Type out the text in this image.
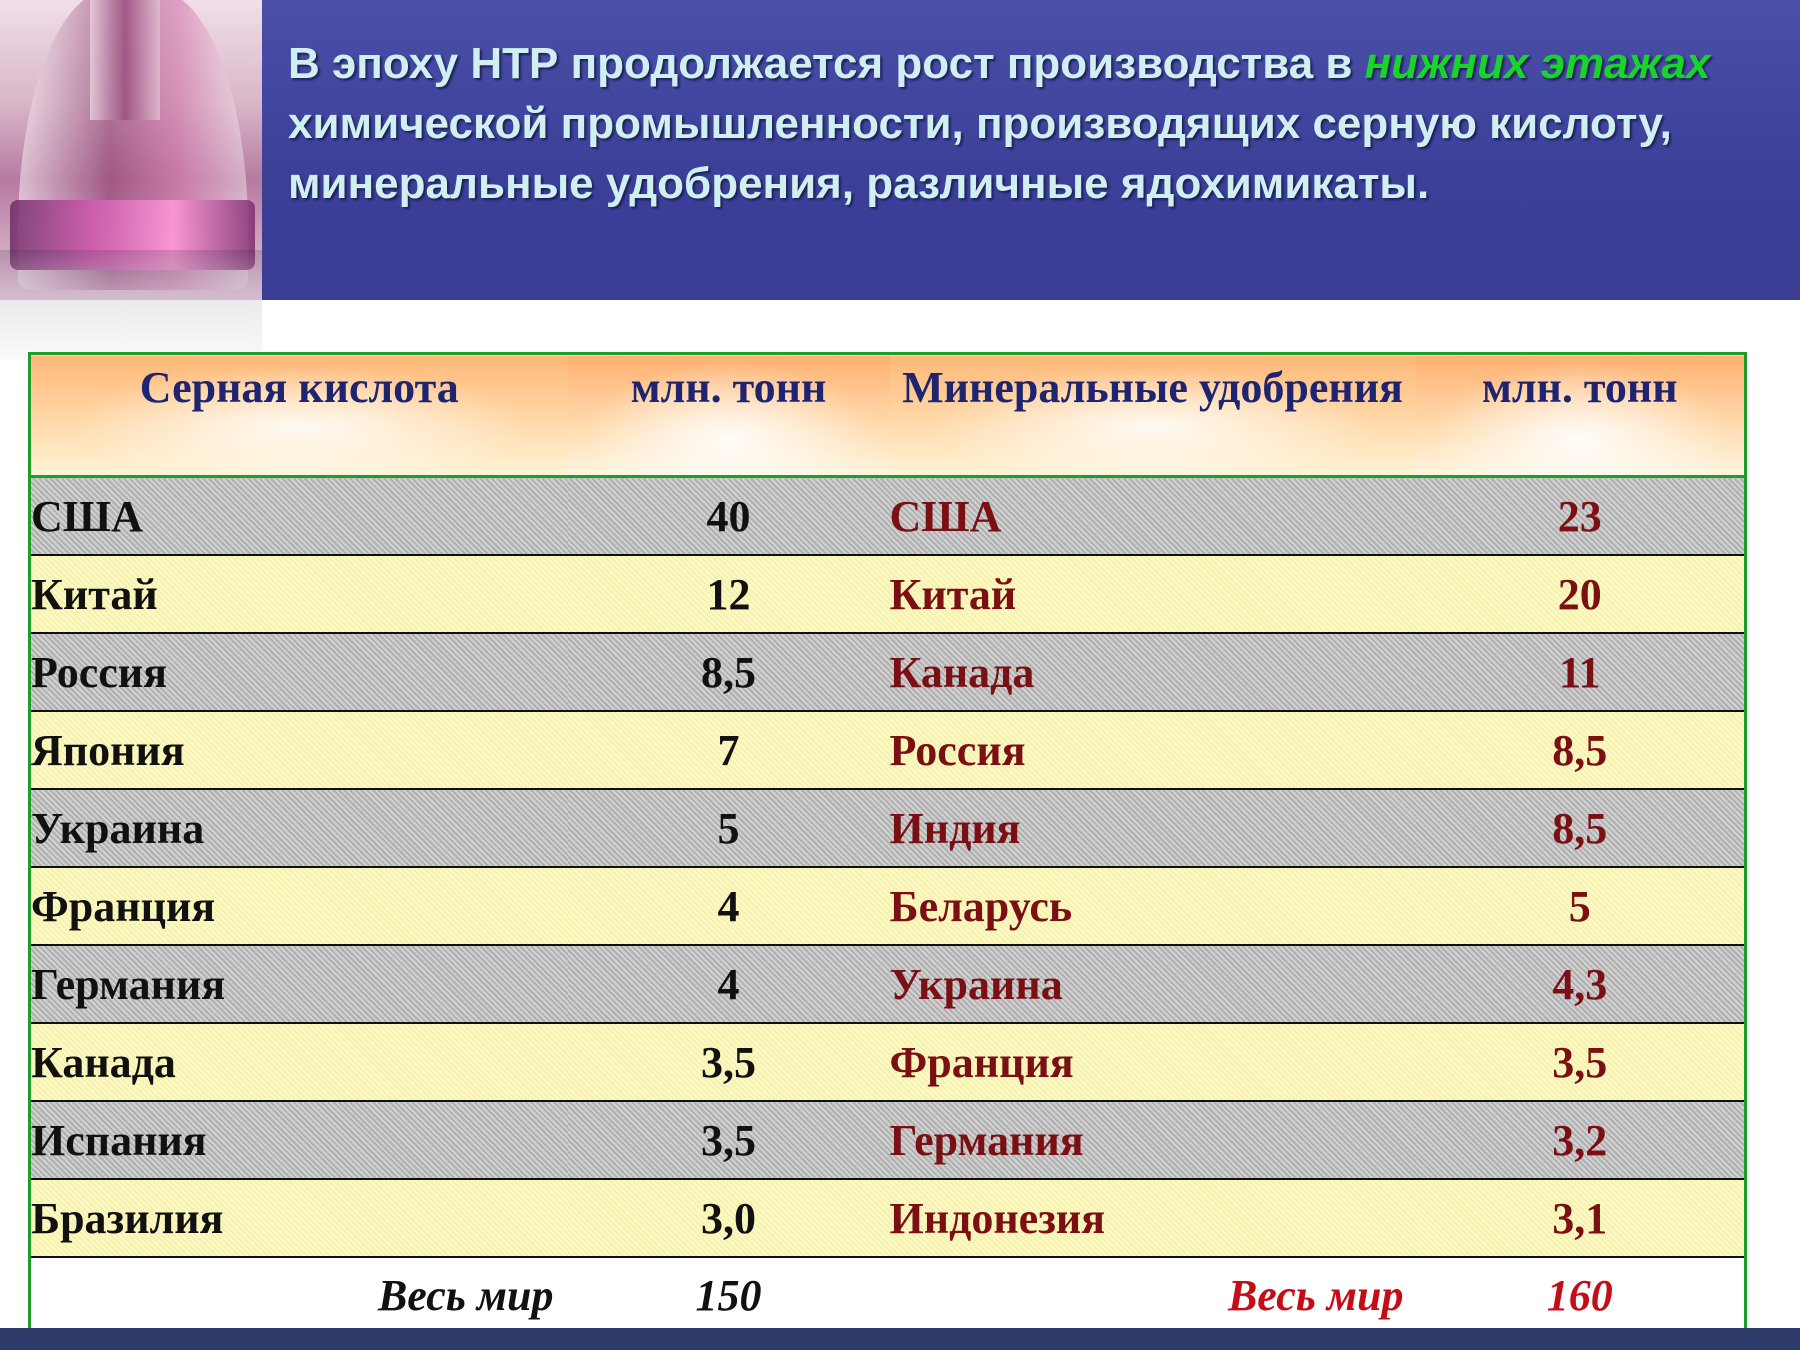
В эпоху НТР продолжается рост производства в нижних этажах химической промышленности, производящих серную кислоту, минеральные удобрения, различные ядохимикаты.

Серная кислота	млн. тонн	Минеральные удобрения	млн. тонн
США	40	США	23
Китай	12	Китай	20
Россия	8,5	Канада	11
Япония	7	Россия	8,5
Украина	5	Индия	8,5
Франция	4	Беларусь	5
Германия	4	Украина	4,3
Канада	3,5	Франция	3,5
Испания	3,5	Германия	3,2
Бразилия	3,0	Индонезия	3,1
Весь мир	150	Весь мир	160
